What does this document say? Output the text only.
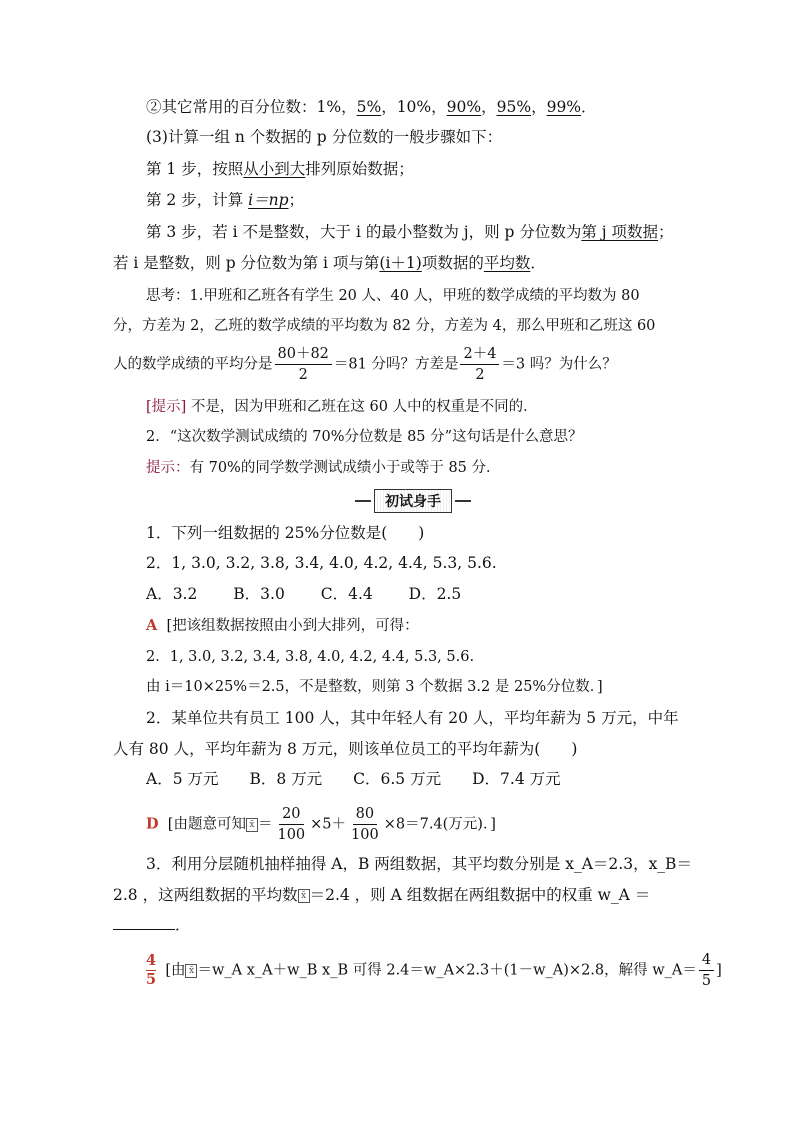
②其它常用的百分位数：1%，5%，10%，90%，95%，99%．
(3)计算一组 n 个数据的 p 分位数的一般步骤如下：
第 1 步，按照从小到大排列原始数据；
第 2 步，计算 i＝np；
第 3 步，若 i 不是整数，大于 i 的最小整数为 j，则 p 分位数为第 j 项数据；
若 i 是整数，则 p 分位数为第 i 项与第(i＋1)项数据的平均数．
思考：1.甲班和乙班各有学生 20 人、40 人，甲班的数学成绩的平均数为 80
分，方差为 2，乙班的数学成绩的平均数为 82 分，方差为 4，那么甲班和乙班这 60
人的数学成绩的平均分是 $\frac{80+82}{2} =81$ 分吗？方差是 $\frac{2+4}{2} =3$ 吗？为什么？
[提示] 不是，因为甲班和乙班在这 60 人中的权重是不同的．
2．“这次数学测试成绩的 70%分位数是 85 分”这句话是什么意思？
提示：有 70%的同学数学测试成绩小于或等于 85 分．
初试身手
1．下列一组数据的 25%分位数是(　　)
2．1, 3.0, 3.2, 3.8, 3.4, 4.0, 4.2, 4.4, 5.3, 5.6.
A．3.2　　 B．3.0　　 C．4.4　　 D．2.5
A [把该组数据按照由小到大排列，可得：
2．1, 3.0, 3.2, 3.4, 3.8, 4.0, 4.2, 4.4, 5.3, 5.6.
由 i＝10×25%＝2.5，不是整数，则第 3 个数据 3.2 是 25%分位数．]
2．某单位共有员工 100 人，其中年轻人有 20 人，平均年薪为 5 万元，中年
人有 80 人，平均年薪为 8 万元，则该单位员工的平均年薪为(　　)
A．5 万元　　B．8 万元　　C．6.5 万元　　D．7.4 万元
D [由题意可知 x̄ ＝ $\frac{20}{100} \times 5+ \frac{80}{100} \times 8=7.4$(万元)．]
3．利用分层随机抽样抽得 A，B 两组数据，其平均数分别是 x_A＝2.3，x_B＝
2.8 ，这两组数据的平均数 x̄ ＝2.4 ，则 A 组数据在两组数据中的权重 w_A ＝
．
$\frac{4}{5}$ [由 x̄ ＝w_A x_A＋w_B x_B 可得 2.4＝w_A×2.3＋(1－w_A)×2.8，解得 w_A＝ $\frac{4}{5}$ ]
